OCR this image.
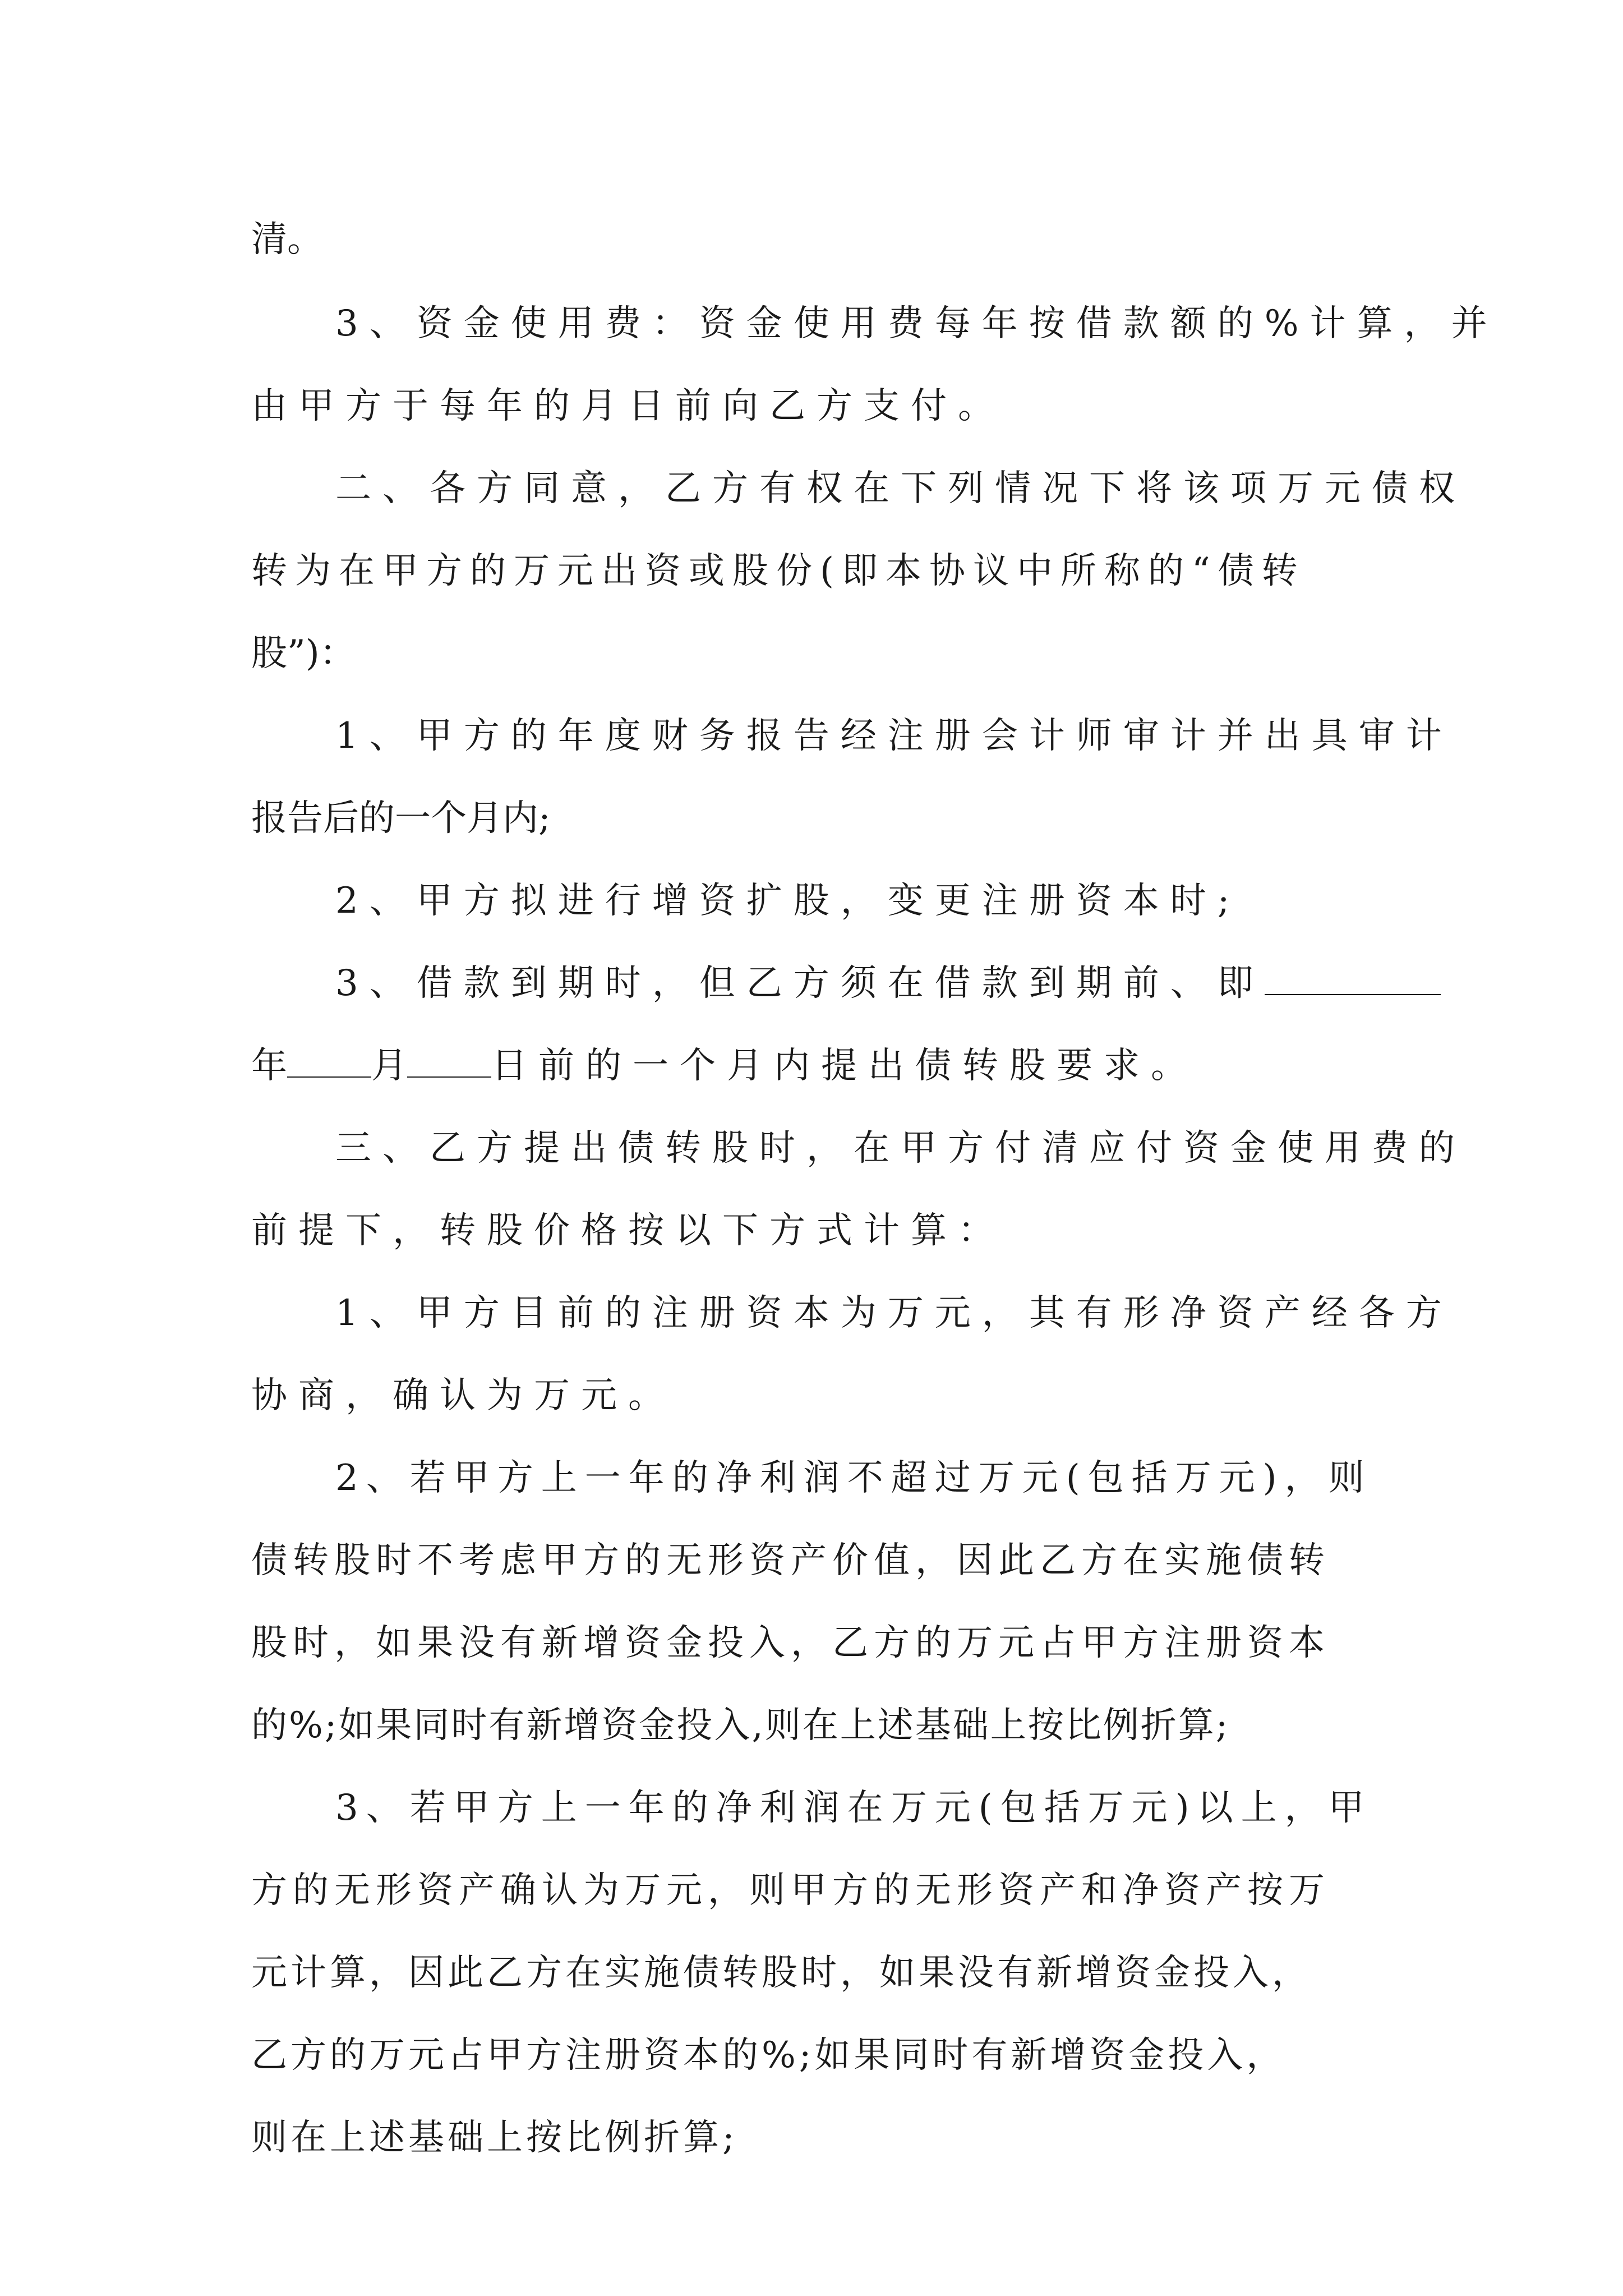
清。
3、资金使用费：资金使用费每年按借款额的%计算，并
由甲方于每年的月日前向乙方支付。
二、各方同意，乙方有权在下列情况下将该项万元债权
转为在甲方的万元出资或股份(即本协议中所称的“债转
股”)：
1、甲方的年度财务报告经注册会计师审计并出具审计
报告后的一个月内;
2、甲方拟进行增资扩股，变更注册资本时;
3、借款到期时，但乙方须在借款到期前、即
年 月 日前的一个月内提出债转股要求。
三、乙方提出债转股时，在甲方付清应付资金使用费的
前提下，转股价格按以下方式计算：
1、甲方目前的注册资本为万元，其有形净资产经各方
协商，确认为万元。
2、若甲方上一年的净利润不超过万元(包括万元)，则
债转股时不考虑甲方的无形资产价值，因此乙方在实施债转
股时，如果没有新增资金投入，乙方的万元占甲方注册资本
的%;如果同时有新增资金投入,则在上述基础上按比例折算;
3、若甲方上一年的净利润在万元(包括万元)以上，甲
方的无形资产确认为万元，则甲方的无形资产和净资产按万
元计算，因此乙方在实施债转股时，如果没有新增资金投入，
乙方的万元占甲方注册资本的%;如果同时有新增资金投入，
则在上述基础上按比例折算;
